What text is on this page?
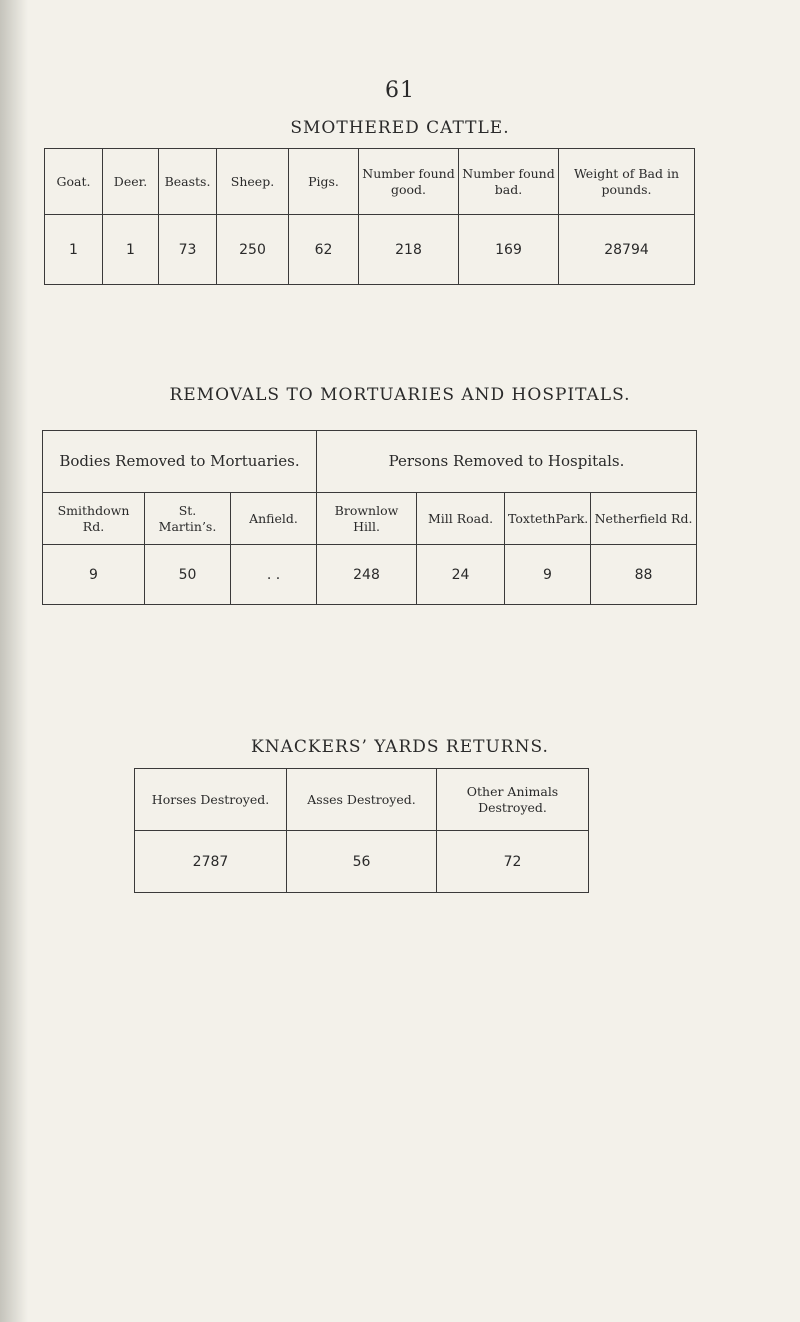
61
SMOTHERED CATTLE.
Goat.	Deer.	Beasts.	Sheep.	Pigs.	Number found good.	Number found bad.	Weight of Bad in pounds.
1	1	73	250	62	218	169	28794
REMOVALS TO MORTUARIES AND HOSPITALS.
Bodies Removed to Mortuaries.			Persons Removed to Hospitals.			
Smithdown Rd.	St. Martin’s.	Anfield.	Brownlow Hill.	Mill Road.	ToxtethPark.	Netherfield Rd.
9	50	. .	248	24	9	88
KNACKERS’ YARDS RETURNS.
Horses Destroyed.	Asses Destroyed.	Other Animals Destroyed.
2787	56	72
